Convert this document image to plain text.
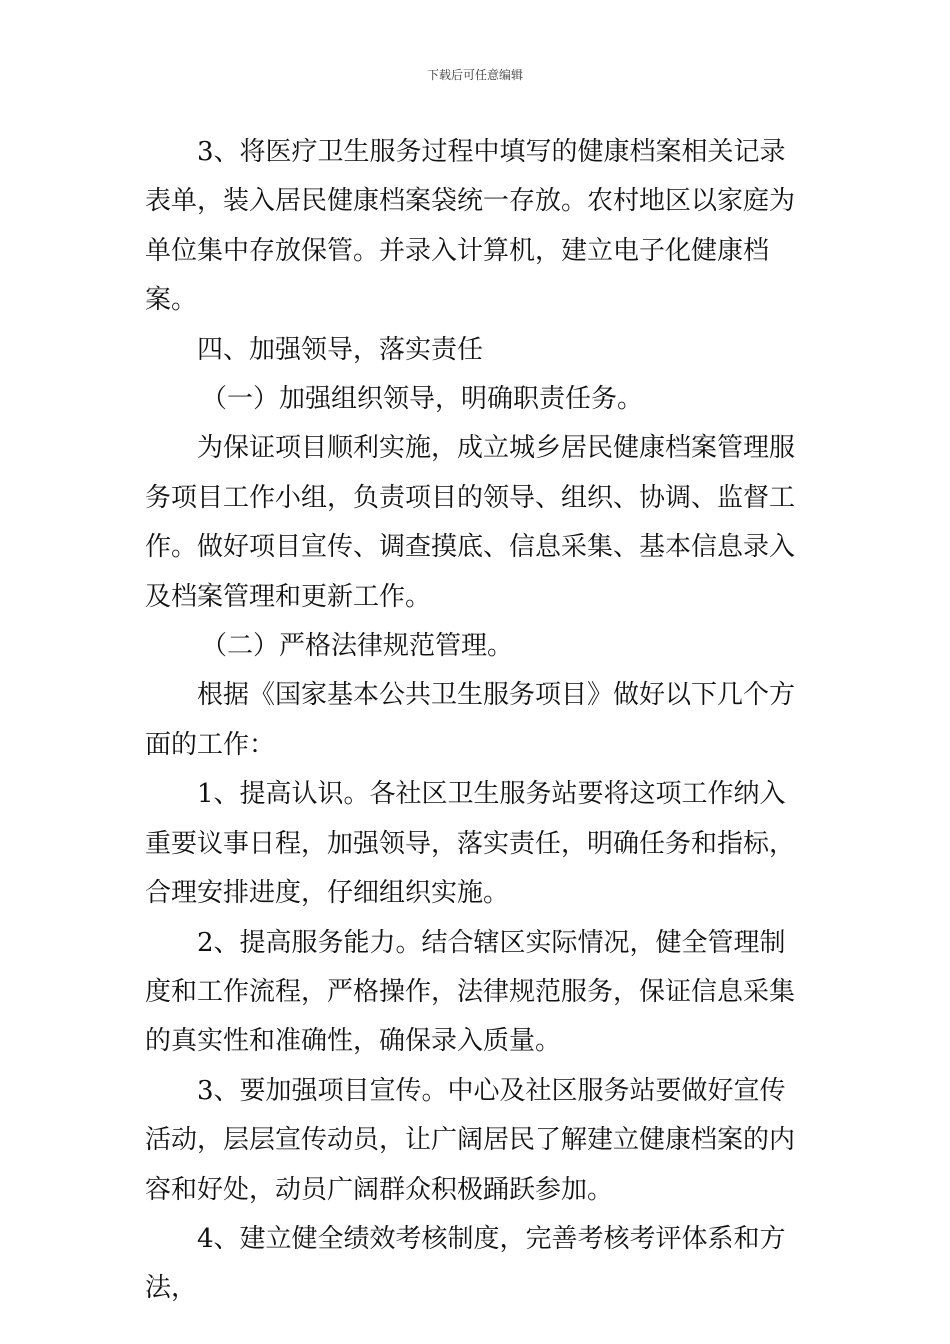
下载后可任意编辑

3、将医疗卫生服务过程中填写的健康档案相关记录表单，装入居民健康档案袋统一存放。农村地区以家庭为单位集中存放保管。并录入计算机，建立电子化健康档案。

四、加强领导，落实责任

（一）加强组织领导，明确职责任务。

为保证项目顺利实施，成立城乡居民健康档案管理服务项目工作小组，负责项目的领导、组织、协调、监督工作。做好项目宣传、调查摸底、信息采集、基本信息录入及档案管理和更新工作。

（二）严格法律规范管理。

根据《国家基本公共卫生服务项目》做好以下几个方面的工作：

1、提高认识。各社区卫生服务站要将这项工作纳入重要议事日程，加强领导，落实责任，明确任务和指标，合理安排进度，仔细组织实施。

2、提高服务能力。结合辖区实际情况，健全管理制度和工作流程，严格操作，法律规范服务，保证信息采集的真实性和准确性，确保录入质量。

3、要加强项目宣传。中心及社区服务站要做好宣传活动，层层宣传动员，让广阔居民了解建立健康档案的内容和好处，动员广阔群众积极踊跃参加。

4、建立健全绩效考核制度，完善考核考评体系和方法，
